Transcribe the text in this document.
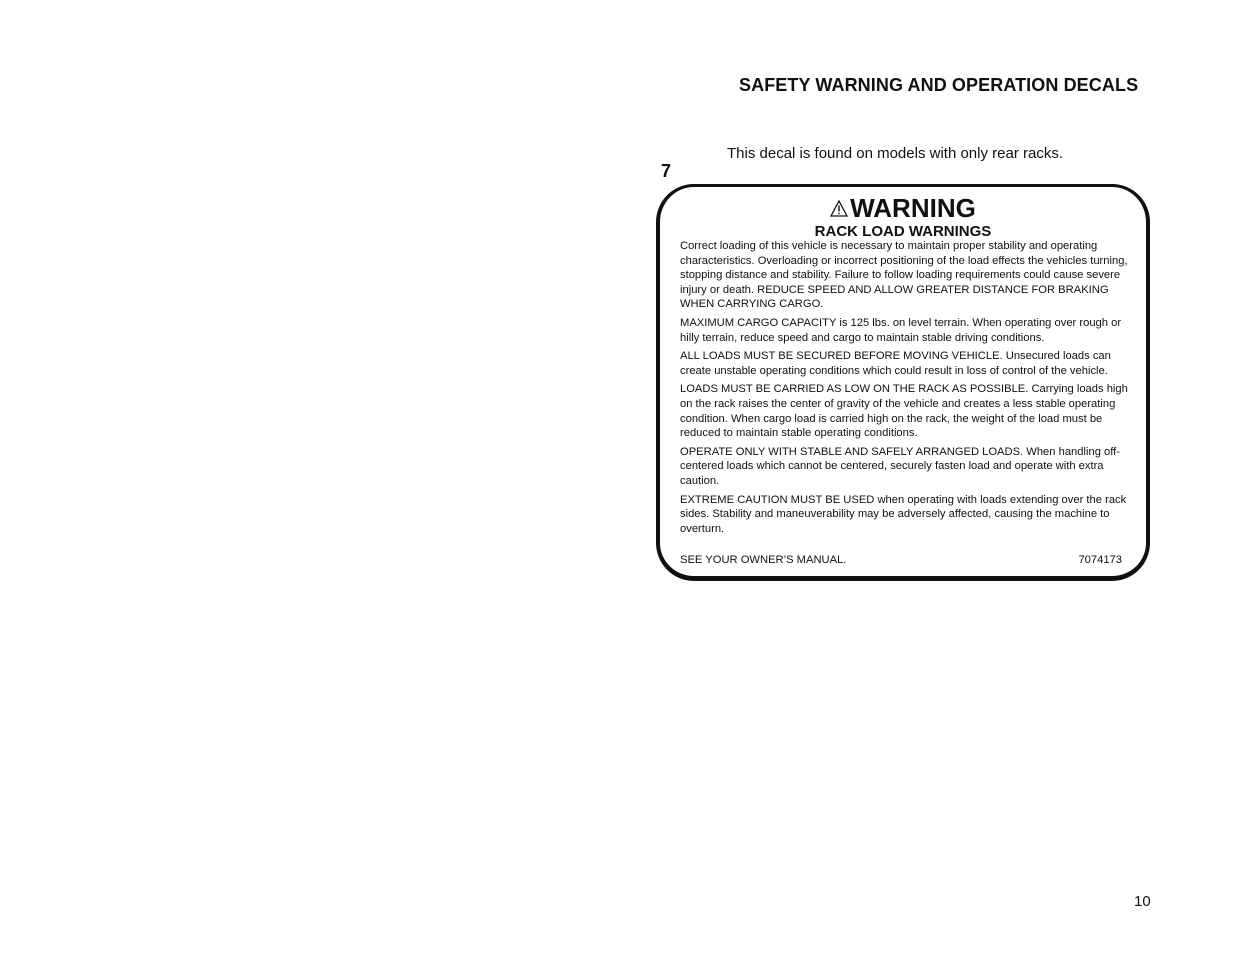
SAFETY WARNING AND OPERATION DECALS
This decal is found on models with only rear racks.
7
WARNING
RACK LOAD WARNINGS

Correct loading of this vehicle is necessary to maintain proper stability and operating characteristics. Overloading or incorrect positioning of the load effects the vehicles turning, stopping distance and stability. Failure to follow loading requirements could cause severe injury or death. REDUCE SPEED AND ALLOW GREATER DISTANCE FOR BRAKING WHEN CARRYING CARGO.

MAXIMUM CARGO CAPACITY is 125 lbs. on level terrain. When operating over rough or hilly terrain, reduce speed and cargo to maintain stable driving conditions.

ALL LOADS MUST BE SECURED BEFORE MOVING VEHICLE. Unsecured loads can create unstable operating conditions which could result in loss of control of the vehicle.

LOADS MUST BE CARRIED AS LOW ON THE RACK AS POSSIBLE. Carrying loads high on the rack raises the center of gravity of the vehicle and creates a less stable operating condition. When cargo load is carried high on the rack, the weight of the load must be reduced to maintain stable operating conditions.

OPERATE ONLY WITH STABLE AND SAFELY ARRANGED LOADS. When handling off-centered loads which cannot be centered, securely fasten load and operate with extra caution.

EXTREME CAUTION MUST BE USED when operating with loads extending over the rack sides. Stability and maneuverability may be adversely affected, causing the machine to overturn.

SEE YOUR OWNER’S MANUAL.	7074173
10
